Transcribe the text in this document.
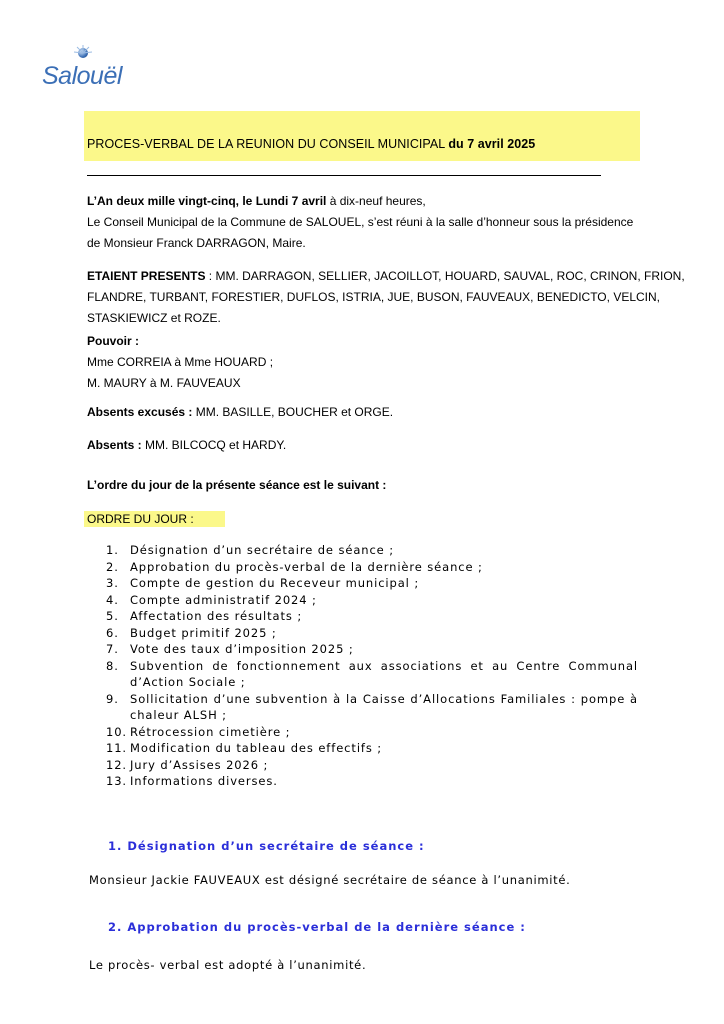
Salouël
PROCES-VERBAL DE LA REUNION DU CONSEIL MUNICIPAL du 7 avril 2025
L’An deux mille vingt-cinq, le Lundi 7 avril à dix-neuf heures,
Le Conseil Municipal de la Commune de SALOUEL, s’est réuni à la salle d’honneur sous la présidence
de Monsieur Franck DARRAGON, Maire.
ETAIENT PRESENTS : MM. DARRAGON, SELLIER, JACOILLOT, HOUARD, SAUVAL, ROC, CRINON, FRION,
FLANDRE, TURBANT, FORESTIER, DUFLOS, ISTRIA, JUE, BUSON, FAUVEAUX, BENEDICTO, VELCIN,
STASKIEWICZ et ROZE.
Pouvoir :
Mme CORREIA à Mme HOUARD ;
M. MAURY à M. FAUVEAUX
Absents excusés : MM. BASILLE, BOUCHER et ORGE.
Absents : MM. BILCOCQ et HARDY.
L’ordre du jour de la présente séance est le suivant :
ORDRE DU JOUR :
1. Désignation d’un secrétaire de séance ;
2. Approbation du procès-verbal de la dernière séance ;
3. Compte de gestion du Receveur municipal ;
4. Compte administratif 2024 ;
5. Affectation des résultats ;
6. Budget primitif 2025 ;
7. Vote des taux d’imposition 2025 ;
8. Subvention de fonctionnement aux associations et au Centre Communal
d’Action Sociale ;
9. Sollicitation d’une subvention à la Caisse d’Allocations Familiales : pompe à
chaleur ALSH ;
10. Rétrocession cimetière ;
11. Modification du tableau des effectifs ;
12. Jury d’Assises 2026 ;
13. Informations diverses.
1. Désignation d’un secrétaire de séance :
Monsieur Jackie FAUVEAUX est désigné secrétaire de séance à l’unanimité.
2. Approbation du procès-verbal de la dernière séance :
Le procès- verbal est adopté à l’unanimité.
